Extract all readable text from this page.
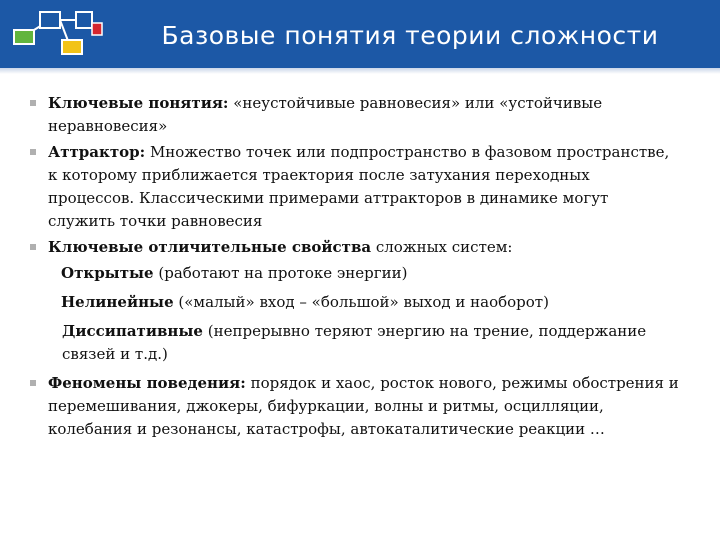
Базовые понятия теории сложности
Ключевые понятия: «неустойчивые равновесия» или «устойчивые неравновесия»
Аттрактор: Множество точек или подпространство в фазовом пространстве, к которому приближается траектория после затухания переходных процессов. Классическими примерами аттракторов в динамике могут служить точки равновесия
Ключевые отличительные свойства сложных систем:
Открытые (работают на протоке энергии)
Нелинейные («малый» вход – «большой» выход и наоборот)
Диссипативные (непрерывно теряют энергию на трение, поддержание связей и т.д.)
Феномены поведения: порядок и хаос, росток нового, режимы обострения и перемешивания, джокеры, бифуркации, волны и ритмы, осцилляции, колебания и резонансы, катастрофы, автокаталитические реакции …
